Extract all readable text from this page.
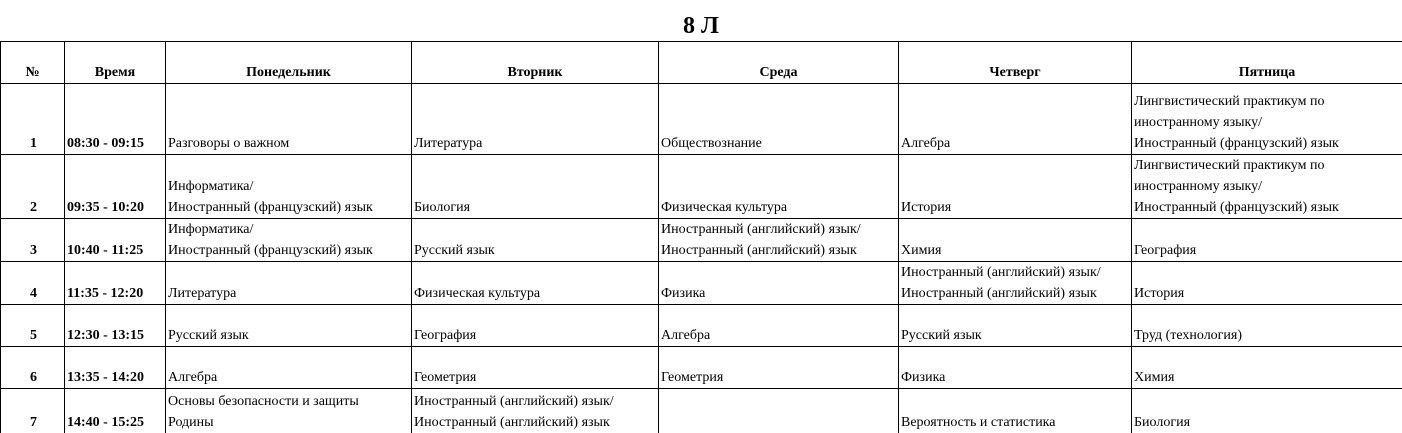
8 Л
№	Время	Понедельник	Вторник	Среда	Четверг	Пятница
1	08:30 - 09:15	Разговоры о важном	Литература	Обществознание	Алгебра	Лингвистический практикум по
иностранному языку/
Иностранный (французский) язык

2	09:35 - 10:20	Информатика/
Иностранный (французский) язык	Биология	Физическая культура	История	Лингвистический практикум по
иностранному языку/
Иностранный (французский) язык

3	10:40 - 11:25	Информатика/
Иностранный (французский) язык	Русский язык	Иностранный (английский) язык/
Иностранный (английский) язык	Химия	География

4	11:35 - 12:20	Литература	Физическая культура	Физика	Иностранный (английский) язык/
Иностранный (английский) язык	История

5	12:30 - 13:15	Русский язык	География	Алгебра	Русский язык	Труд (технология)

6	13:35 - 14:20	Алгебра	Геометрия	Геометрия	Физика	Химия

7	14:40 - 15:25	Основы безопасности и защиты
Родины	Иностранный (английский) язык/
Иностранный (английский) язык		Вероятность и статистика	Биология
